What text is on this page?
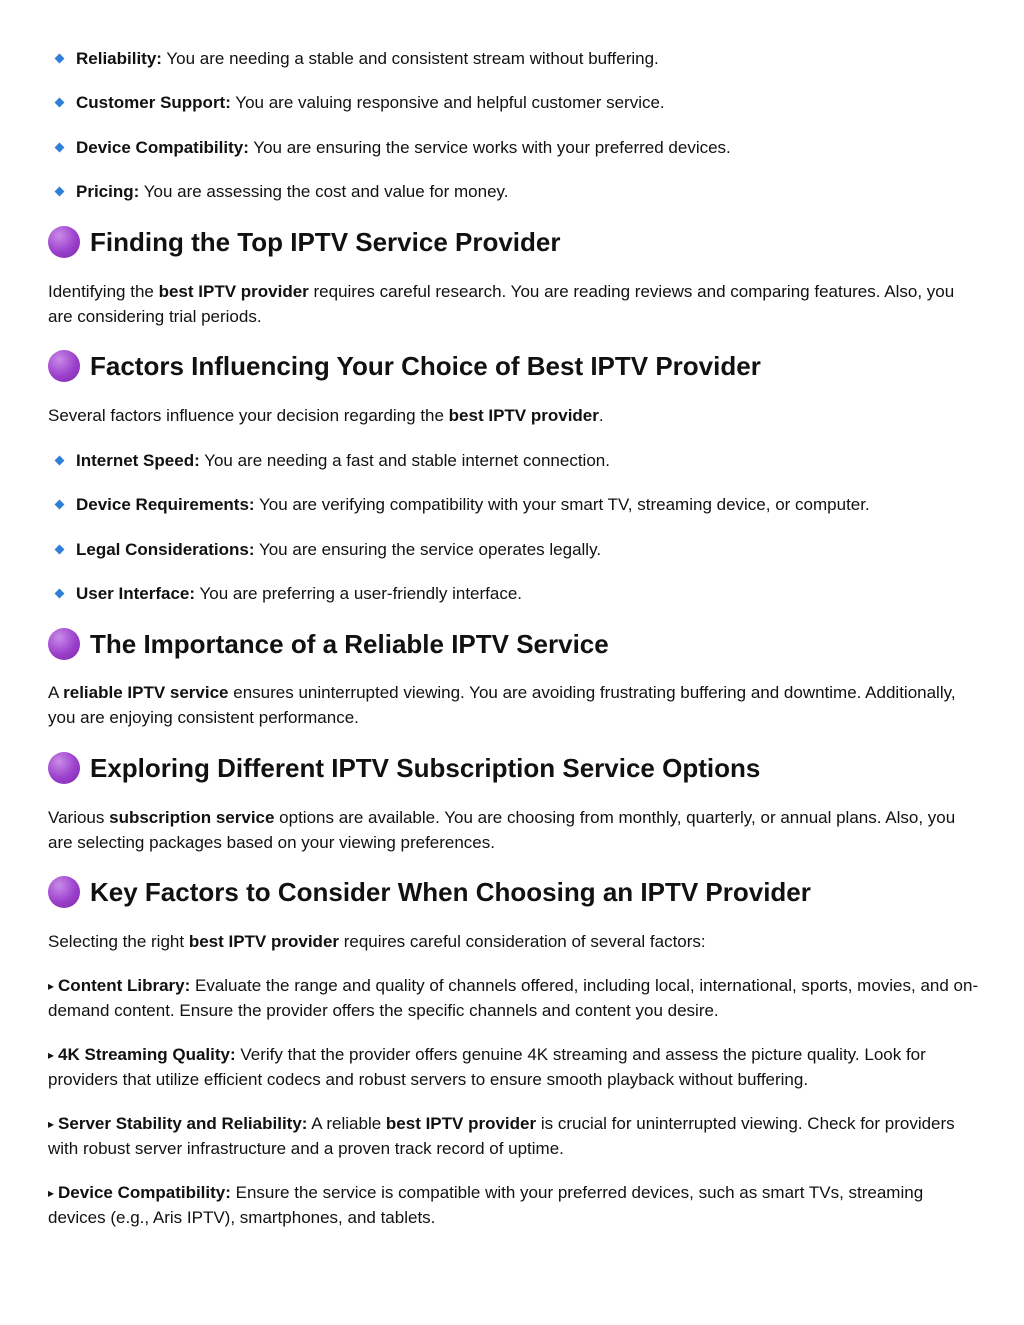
Reliability: You are needing a stable and consistent stream without buffering.
Customer Support: You are valuing responsive and helpful customer service.
Device Compatibility: You are ensuring the service works with your preferred devices.
Pricing: You are assessing the cost and value for money.
Finding the Top IPTV Service Provider
Identifying the best IPTV provider requires careful research. You are reading reviews and comparing features. Also, you are considering trial periods.
Factors Influencing Your Choice of Best IPTV Provider
Several factors influence your decision regarding the best IPTV provider.
Internet Speed: You are needing a fast and stable internet connection.
Device Requirements: You are verifying compatibility with your smart TV, streaming device, or computer.
Legal Considerations: You are ensuring the service operates legally.
User Interface: You are preferring a user-friendly interface.
The Importance of a Reliable IPTV Service
A reliable IPTV service ensures uninterrupted viewing. You are avoiding frustrating buffering and downtime. Additionally, you are enjoying consistent performance.
Exploring Different IPTV Subscription Service Options
Various subscription service options are available. You are choosing from monthly, quarterly, or annual plans. Also, you are selecting packages based on your viewing preferences.
Key Factors to Consider When Choosing an IPTV Provider
Selecting the right best IPTV provider requires careful consideration of several factors:
▸ Content Library: Evaluate the range and quality of channels offered, including local, international, sports, movies, and on-demand content. Ensure the provider offers the specific channels and content you desire.
▸ 4K Streaming Quality: Verify that the provider offers genuine 4K streaming and assess the picture quality. Look for providers that utilize efficient codecs and robust servers to ensure smooth playback without buffering.
▸ Server Stability and Reliability: A reliable best IPTV provider is crucial for uninterrupted viewing. Check for providers with robust server infrastructure and a proven track record of uptime.
▸ Device Compatibility: Ensure the service is compatible with your preferred devices, such as smart TVs, streaming devices (e.g., Aris IPTV), smartphones, and tablets.
